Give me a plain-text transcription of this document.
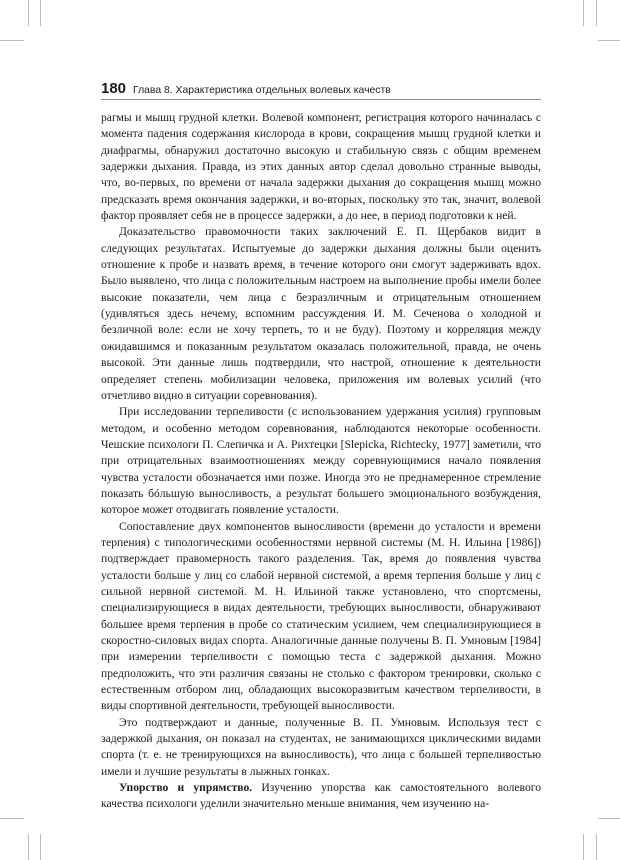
180 Глава 8. Характеристика отдельных волевых качеств

рагмы и мышц грудной клетки. Волевой компонент, регистрация которого начиналась с момента падения содержания кислорода в крови, сокращения мышц грудной клетки и диафрагмы, обнаружил достаточно высокую и стабильную связь с общим временем задержки дыхания. Правда, из этих данных автор сделал довольно странные выводы, что, во-первых, по времени от начала задержки дыхания до сокращения мышц можно предсказать время окончания задержки, и во-вторых, поскольку это так, значит, волевой фактор проявляет себя не в процессе задержки, а до нее, в период подготовки к ней.

Доказательство правомочности таких заключений Е. П. Щербаков видит в следующих результатах. Испытуемые до задержки дыхания должны были оценить отношение к пробе и назвать время, в течение которого они смогут задерживать вдох. Было выявлено, что лица с положительным настроем на выполнение пробы имели более высокие показатели, чем лица с безразличным и отрицательным отношением (удивляться здесь нечему, вспомним рассуждения И. М. Сеченова о холодной и безличной воле: если не хочу терпеть, то и не буду). Поэтому и корреляция между ожидавшимся и показанным результатом оказалась положительной, правда, не очень высокой. Эти данные лишь подтвердили, что настрой, отношение к деятельности определяет степень мобилизации человека, приложения им волевых усилий (что отчетливо видно в ситуации соревнования).

При исследовании терпеливости (с использованием удержания усилия) групповым методом, и особенно методом соревнования, наблюдаются некоторые особенности. Чешские психологи П. Слепичка и А. Рихтецки [Slepicka, Richtecky, 1977] заметили, что при отрицательных взаимоотношениях между соревнующимися начало появления чувства усталости обозначается ими позже. Иногда это не преднамеренное стремление показать бóльшую выносливость, а результат большего эмоционального возбуждения, которое может отодвигать появление усталости.

Сопоставление двух компонентов выносливости (времени до усталости и времени терпения) с типологическими особенностями нервной системы (М. Н. Ильина [1986]) подтверждает правомерность такого разделения. Так, время до появления чувства усталости больше у лиц со слабой нервной системой, а время терпения больше у лиц с сильной нервной системой. М. Н. Ильиной также установлено, что спортсмены, специализирующиеся в видах деятельности, требующих выносливости, обнаруживают большее время терпения в пробе со статическим усилием, чем специализирующиеся в скоростно-силовых видах спорта. Аналогичные данные получены В. П. Умновым [1984] при измерении терпеливости с помощью теста с задержкой дыхания. Можно предположить, что эти различия связаны не столько с фактором тренировки, сколько с естественным отбором лиц, обладающих высокоразвитым качеством терпеливости, в виды спортивной деятельности, требующей выносливости.

Это подтверждают и данные, полученные В. П. Умновым. Используя тест с задержкой дыхания, он показал на студентах, не занимающихся циклическими видами спорта (т. е. не тренирующихся на выносливость), что лица с большей терпеливостью имели и лучшие результаты в лыжных гонках.

Упорство и упрямство. Изучению упорства как самостоятельного волевого качества психологи уделили значительно меньше внимания, чем изучению на-
